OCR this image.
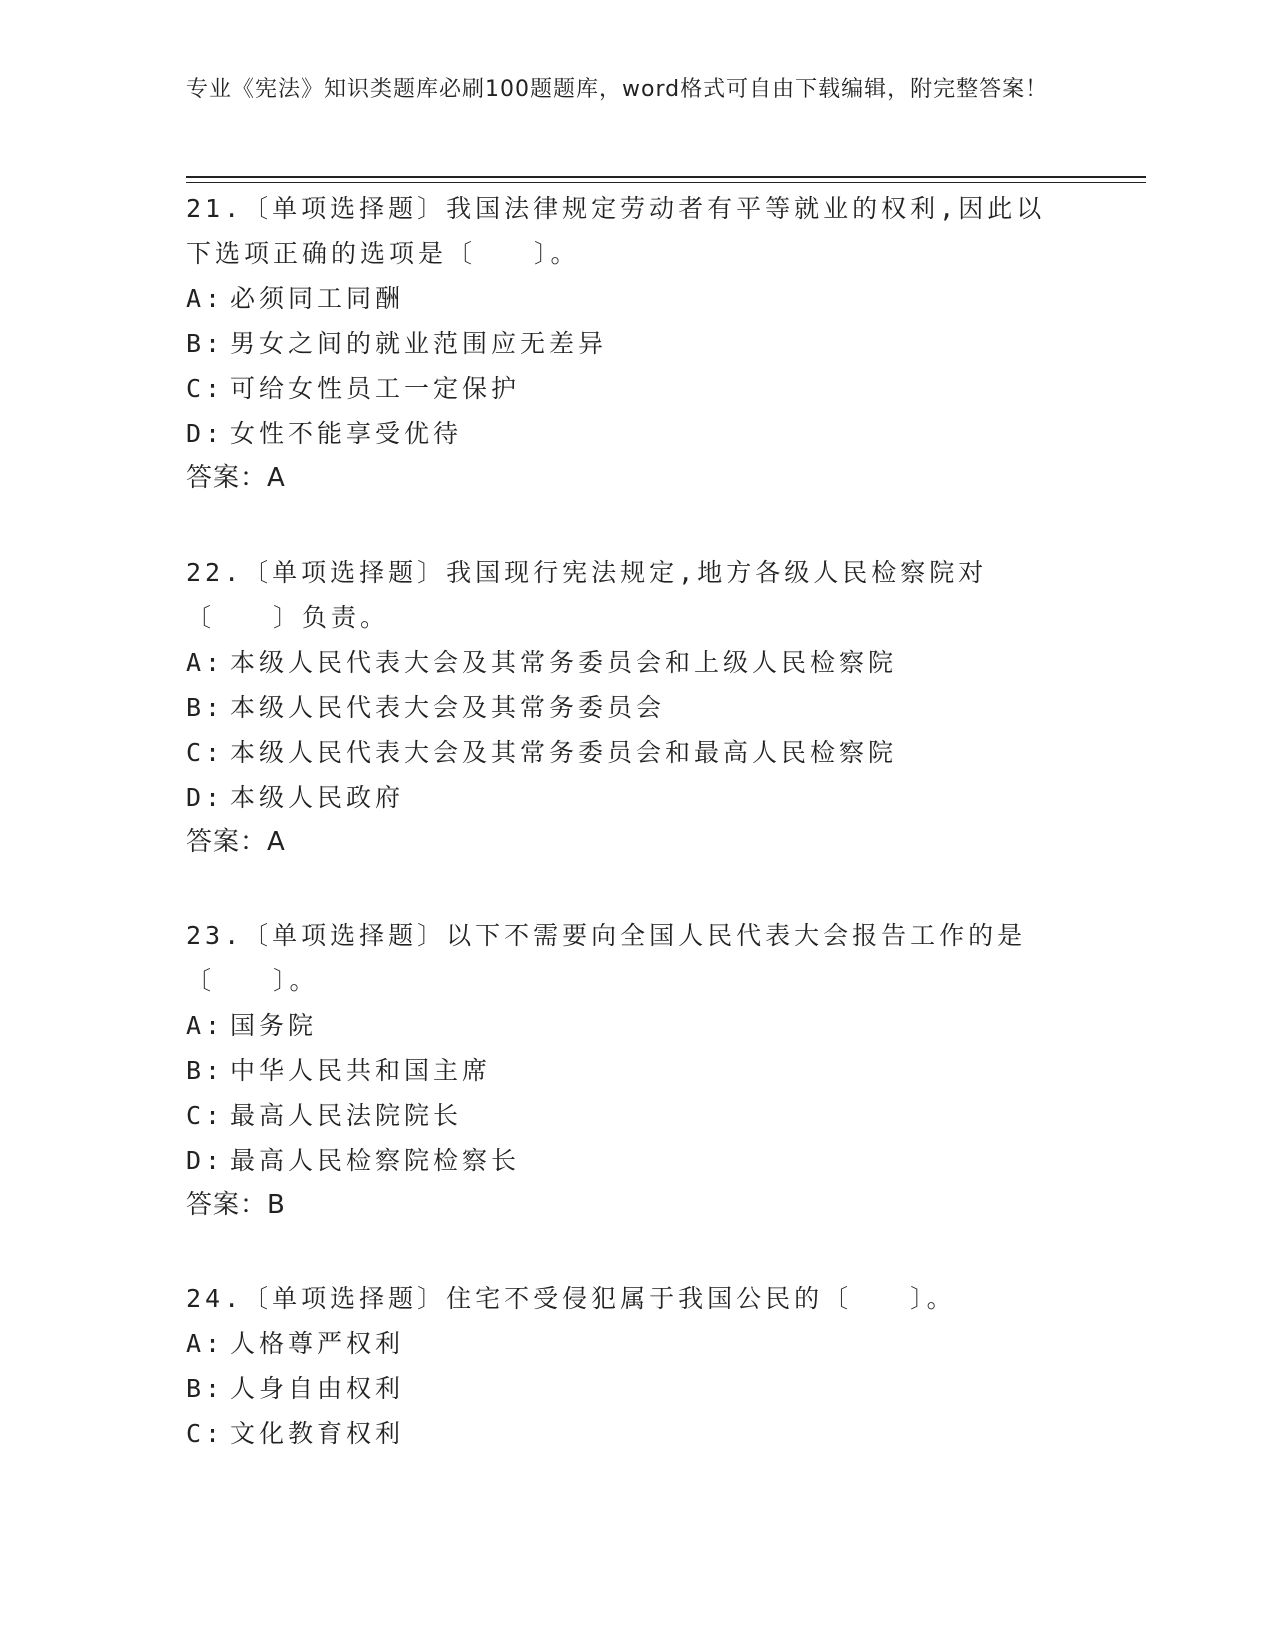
专业《宪法》知识类题库必刷100题题库，word格式可自由下载编辑，附完整答案！

21.〔单项选择题〕我国法律规定劳动者有平等就业的权利,因此以下选项正确的选项是〔　　〕。

A: 必须同工同酬
B: 男女之间的就业范围应无差异
C: 可给女性员工一定保护
D: 女性不能享受优待
答案：A

22.〔单项选择题〕我国现行宪法规定,地方各级人民检察院对〔　　〕负责。

A: 本级人民代表大会及其常务委员会和上级人民检察院
B: 本级人民代表大会及其常务委员会
C: 本级人民代表大会及其常务委员会和最高人民检察院
D: 本级人民政府
答案：A

23.〔单项选择题〕以下不需要向全国人民代表大会报告工作的是〔　　〕。

A: 国务院
B: 中华人民共和国主席
C: 最高人民法院院长
D: 最高人民检察院检察长
答案：B

24.〔单项选择题〕住宅不受侵犯属于我国公民的〔　　〕。

A: 人格尊严权利
B: 人身自由权利
C: 文化教育权利
